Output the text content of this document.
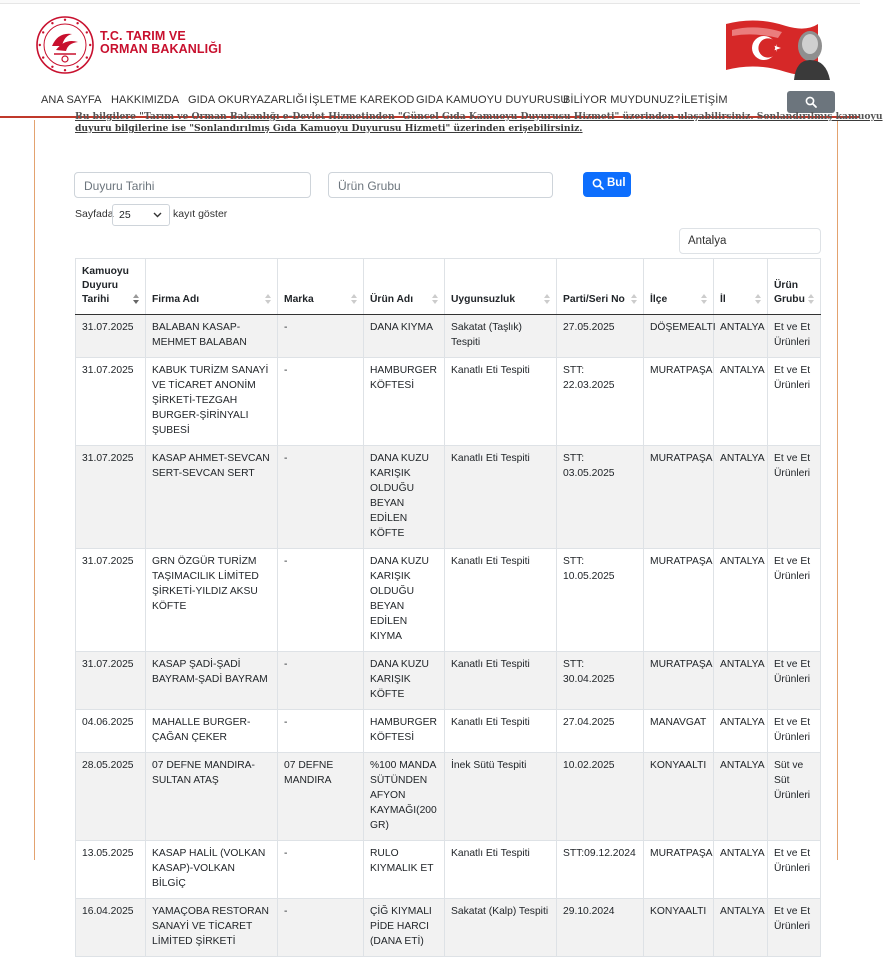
T.C. TARIM VE
ORMAN BAKANLIĞI
ANA SAYFA HAKKIMIZDA GIDA OKURYAZARLIĞI İŞLETME KAREKOD GIDA KAMUOYU DUYURUSU
BİLİYOR MUYDUNUZ? İLETİŞİM
Bu bilgilere "Tarım ve Orman Bakanlığı e-Devlet Hizmetinden "Güncel Gıda Kamuoyu Duyurusu Hizmeti" üzerinden ulaşabilirsiniz. Sonlandırılmış kamuoyu
duyuru bilgilerine ise "Sonlandırılmış Gıda Kamuoyu Duyurusu Hizmeti" üzerinden erişebilirsiniz.
Duyuru Tarihi	Ürün Grubu	Bul
Sayfada 25	kayıt göster
Antalya
Kamuoyu Duyuru Tarihi	Firma Adı	Marka	Ürün Adı	Uygunsuzluk	Parti/Seri No	İlçe	İl	Ürün Grubu

31.07.2025	BALABAN KASAP-MEHMET BALABAN	-	DANA KIYMA	Sakatat (Taşlık) Tespiti	27.05.2025	DÖŞEMEALTI	ANTALYA	Et ve Et Ürünleri
31.07.2025	KABUK TURİZM SANAYİ VE TİCARET ANONİM ŞİRKETİ-TEZGAH BURGER-ŞİRİNYALI ŞUBESİ	-	HAMBURGER KÖFTESİ	Kanatlı Eti Tespiti	STT: 22.03.2025	MURATPAŞA	ANTALYA	Et ve Et Ürünleri
31.07.2025	KASAP AHMET-SEVCAN SERT-SEVCAN SERT	-	DANA KUZU KARIŞIK OLDUĞU BEYAN EDİLEN KÖFTE	Kanatlı Eti Tespiti	STT: 03.05.2025	MURATPAŞA	ANTALYA	Et ve Et Ürünleri
31.07.2025	GRN ÖZGÜR TURİZM TAŞIMACILIK LİMİTED ŞİRKETİ-YILDIZ AKSU KÖFTE	-	DANA KUZU KARIŞIK OLDUĞU BEYAN EDİLEN KIYMA	Kanatlı Eti Tespiti	STT: 10.05.2025	MURATPAŞA	ANTALYA	Et ve Et Ürünleri
31.07.2025	KASAP ŞADİ-ŞADİ BAYRAM-ŞADİ BAYRAM	-	DANA KUZU KARIŞIK KÖFTE	Kanatlı Eti Tespiti	STT: 30.04.2025	MURATPAŞA	ANTALYA	Et ve Et Ürünleri
04.06.2025	MAHALLE BURGER-ÇAĞAN ÇEKER	-	HAMBURGER KÖFTESİ	Kanatlı Eti Tespiti	27.04.2025	MANAVGAT	ANTALYA	Et ve Et Ürünleri
28.05.2025	07 DEFNE MANDIRA-SULTAN ATAŞ	07 DEFNE MANDIRA	%100 MANDA SÜTÜNDEN AFYON KAYMAĞI(200 GR)	İnek Sütü Tespiti	10.02.2025	KONYAALTI	ANTALYA	Süt ve Süt Ürünleri
13.05.2025	KASAP HALİL (VOLKAN KASAP)-VOLKAN BİLGİÇ	-	RULO KIYMALIK ET	Kanatlı Eti Tespiti	STT:09.12.2024	MURATPAŞA	ANTALYA	Et ve Et Ürünleri
16.04.2025	YAMAÇOBA RESTORAN SANAYİ VE TİCARET LİMİTED ŞİRKETİ	-	ÇİĞ KIYMALI PİDE HARCI (DANA ETİ)	Sakatat (Kalp) Tespiti	29.10.2024	KONYAALTI	ANTALYA	Et ve Et Ürünleri
